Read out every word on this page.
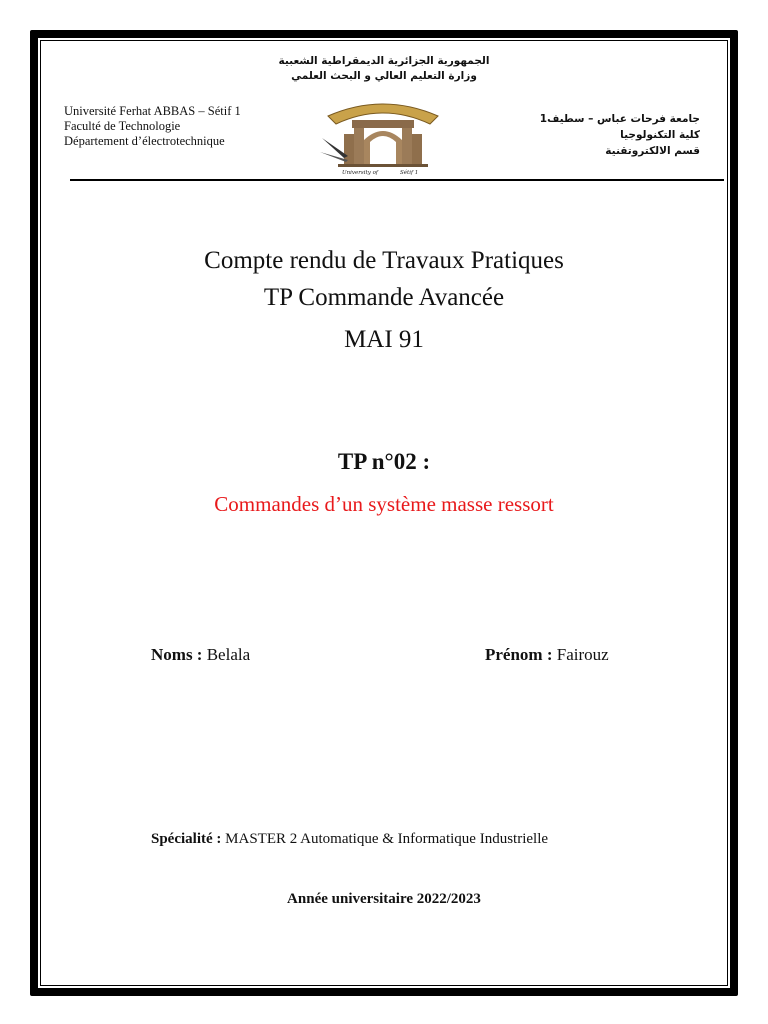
الجمهورية الجزائرية الديمقراطية الشعبية
وزارة التعليم العالي و البحث العلمي
Université Ferhat ABBAS – Sétif 1
Faculté de Technologie
Département d’électrotechnique
جامعة فرحات عباس – سطيف1
كلية التكنولوجيا
قسم الالكتروتقنية
University of	Sétif 1
Compte rendu de Travaux Pratiques
TP Commande Avancée
MAI 91
TP n°02 :
Commandes d’un système masse ressort
Noms : Belala	Prénom : Fairouz
Spécialité : MASTER 2 Automatique & Informatique Industrielle
Année universitaire 2022/2023
